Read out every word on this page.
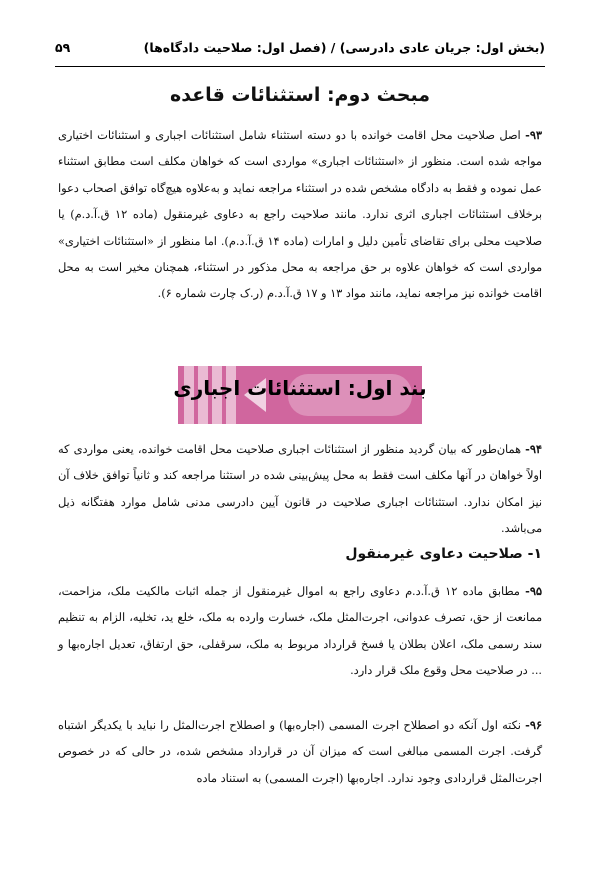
(بخش اول: جریان عادی دادرسی) / (فصل اول: صلاحیت دادگاه‌ها)
۵۹
مبحث دوم: استثنائات قاعده

۹۳- اصل صلاحیت محل اقامت خوانده با دو دسته استثناء شامل استثنائات اجباری و استثنائات اختیاری مواجه شده است. منظور از «استثنائات اجباری» مواردی است که خواهان مکلف است مطابق استثناء عمل نموده و فقط به دادگاه مشخص شده در استثناء مراجعه نماید و به‌علاوه هیچ‌گاه توافق اصحاب دعوا برخلاف استثنائات اجباری اثری ندارد. مانند صلاحیت راجع به دعاوی غیرمنقول (ماده ۱۲ ق.آ.د.م) یا صلاحیت محلی برای تقاضای تأمین دلیل و امارات (ماده ۱۴ ق.آ.د.م). اما منظور از «استثنائات اختیاری» مواردی است که خواهان علاوه بر حق مراجعه به محل مذکور در استثناء، همچنان مخیر است به محل اقامت خوانده نیز مراجعه نماید، مانند مواد ۱۳ و ۱۷ ق.آ.د.م (ر.ک چارت شماره ۶).

بند اول: استثنائات اجباری

۹۴- همان‌طور که بیان گردید منظور از استثنائات اجباری صلاحیت محل اقامت خوانده، یعنی مواردی که اولاً خواهان در آنها مکلف است فقط به محل پیش‌بینی شده در استثنا مراجعه کند و ثانیاً توافق خلاف آن نیز امکان ندارد. استثنائات اجباری صلاحیت در قانون آیین دادرسی مدنی شامل موارد هفتگانه ذیل می‌باشد.

۱- صلاحیت دعاوی غیرمنقول

۹۵- مطابق ماده ۱۲ ق.آ.د.م دعاوی راجع به اموال غیرمنقول از جمله اثبات مالکیت ملک، مزاحمت، ممانعت از حق، تصرف عدوانی، اجرت‌المثل ملک، خسارت وارده به ملک، خلع ید، تخلیه، الزام به تنظیم سند رسمی ملک، اعلان بطلان یا فسخ قرارداد مربوط به ملک، سرقفلی، حق ارتفاق، تعدیل اجاره‌بها و ... در صلاحیت محل وقوع ملک قرار دارد.

۹۶- نکته اول آنکه دو اصطلاح اجرت المسمی (اجاره‌بها) و اصطلاح اجرت‌المثل را نباید با یکدیگر اشتباه گرفت. اجرت المسمی مبالغی است که میزان آن در قرارداد مشخص شده، در حالی که در خصوص اجرت‌المثل قراردادی وجود ندارد. اجاره‌بها (اجرت المسمی) به استناد ماده
